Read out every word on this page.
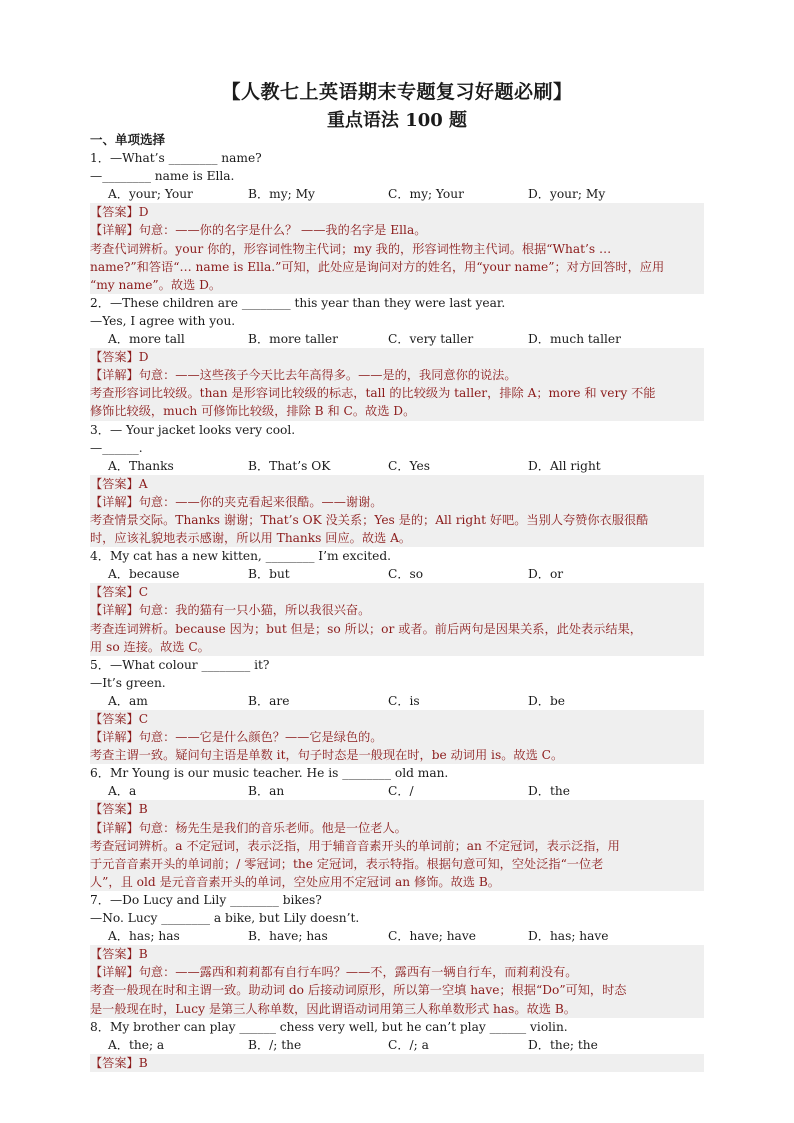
【人教七上英语期末专题复习好题必刷】
重点语法 100 题
一、单项选择
1．—What’s ________ name?
—________ name is Ella.
A．your; Your	B．my; My	C．my; Your	D．your; My
【答案】D
【详解】句意：——你的名字是什么？ ——我的名字是 Ella。
考查代词辨析。your 你的，形容词性物主代词；my 我的，形容词性物主代词。根据“What’s …
name?”和答语“… name is Ella.”可知，此处应是询问对方的姓名，用“your name”；对方回答时，应用
“my name”。故选 D。
2．—These children are ________ this year than they were last year.
—Yes, I agree with you.
A．more tall	B．more taller	C．very taller	D．much taller
【答案】D
【详解】句意：——这些孩子今天比去年高得多。——是的，我同意你的说法。
考查形容词比较级。than 是形容词比较级的标志，tall 的比较级为 taller，排除 A；more 和 very 不能
修饰比较级，much 可修饰比较级，排除 B 和 C。故选 D。
3．— Your jacket looks very cool.
—______.
A．Thanks	B．That’s OK	C．Yes	D．All right
【答案】A
【详解】句意：——你的夹克看起来很酷。——谢谢。
考查情景交际。Thanks 谢谢；That’s OK 没关系；Yes 是的；All right 好吧。当别人夸赞你衣服很酷
时，应该礼貌地表示感谢，所以用 Thanks 回应。故选 A。
4．My cat has a new kitten, ________ I’m excited.
A．because	B．but	C．so	D．or
【答案】C
【详解】句意：我的猫有一只小猫，所以我很兴奋。
考查连词辨析。because 因为；but 但是；so 所以；or 或者。前后两句是因果关系，此处表示结果，
用 so 连接。故选 C。
5．—What colour ________ it?
—It’s green.
A．am	B．are	C．is	D．be
【答案】C
【详解】句意：——它是什么颜色？——它是绿色的。
考查主谓一致。疑问句主语是单数 it，句子时态是一般现在时，be 动词用 is。故选 C。
6．Mr Young is our music teacher. He is ________ old man.
A．a	B．an	C．/	D．the
【答案】B
【详解】句意：杨先生是我们的音乐老师。他是一位老人。
考查冠词辨析。a 不定冠词，表示泛指，用于辅音音素开头的单词前；an 不定冠词，表示泛指，用
于元音音素开头的单词前；/ 零冠词；the 定冠词，表示特指。根据句意可知，空处泛指“一位老
人”，且 old 是元音音素开头的单词，空处应用不定冠词 an 修饰。故选 B。
7．—Do Lucy and Lily ________ bikes?
—No. Lucy ________ a bike, but Lily doesn’t.
A．has; has	B．have; has	C．have; have	D．has; have
【答案】B
【详解】句意：——露西和莉莉都有自行车吗？——不，露西有一辆自行车，而莉莉没有。
考查一般现在时和主谓一致。助动词 do 后接动词原形，所以第一空填 have；根据“Do”可知，时态
是一般现在时，Lucy 是第三人称单数，因此谓语动词用第三人称单数形式 has。故选 B。
8．My brother can play ______ chess very well, but he can’t play ______ violin.
A．the; a	B．/; the	C．/; a	D．the; the
【答案】B
